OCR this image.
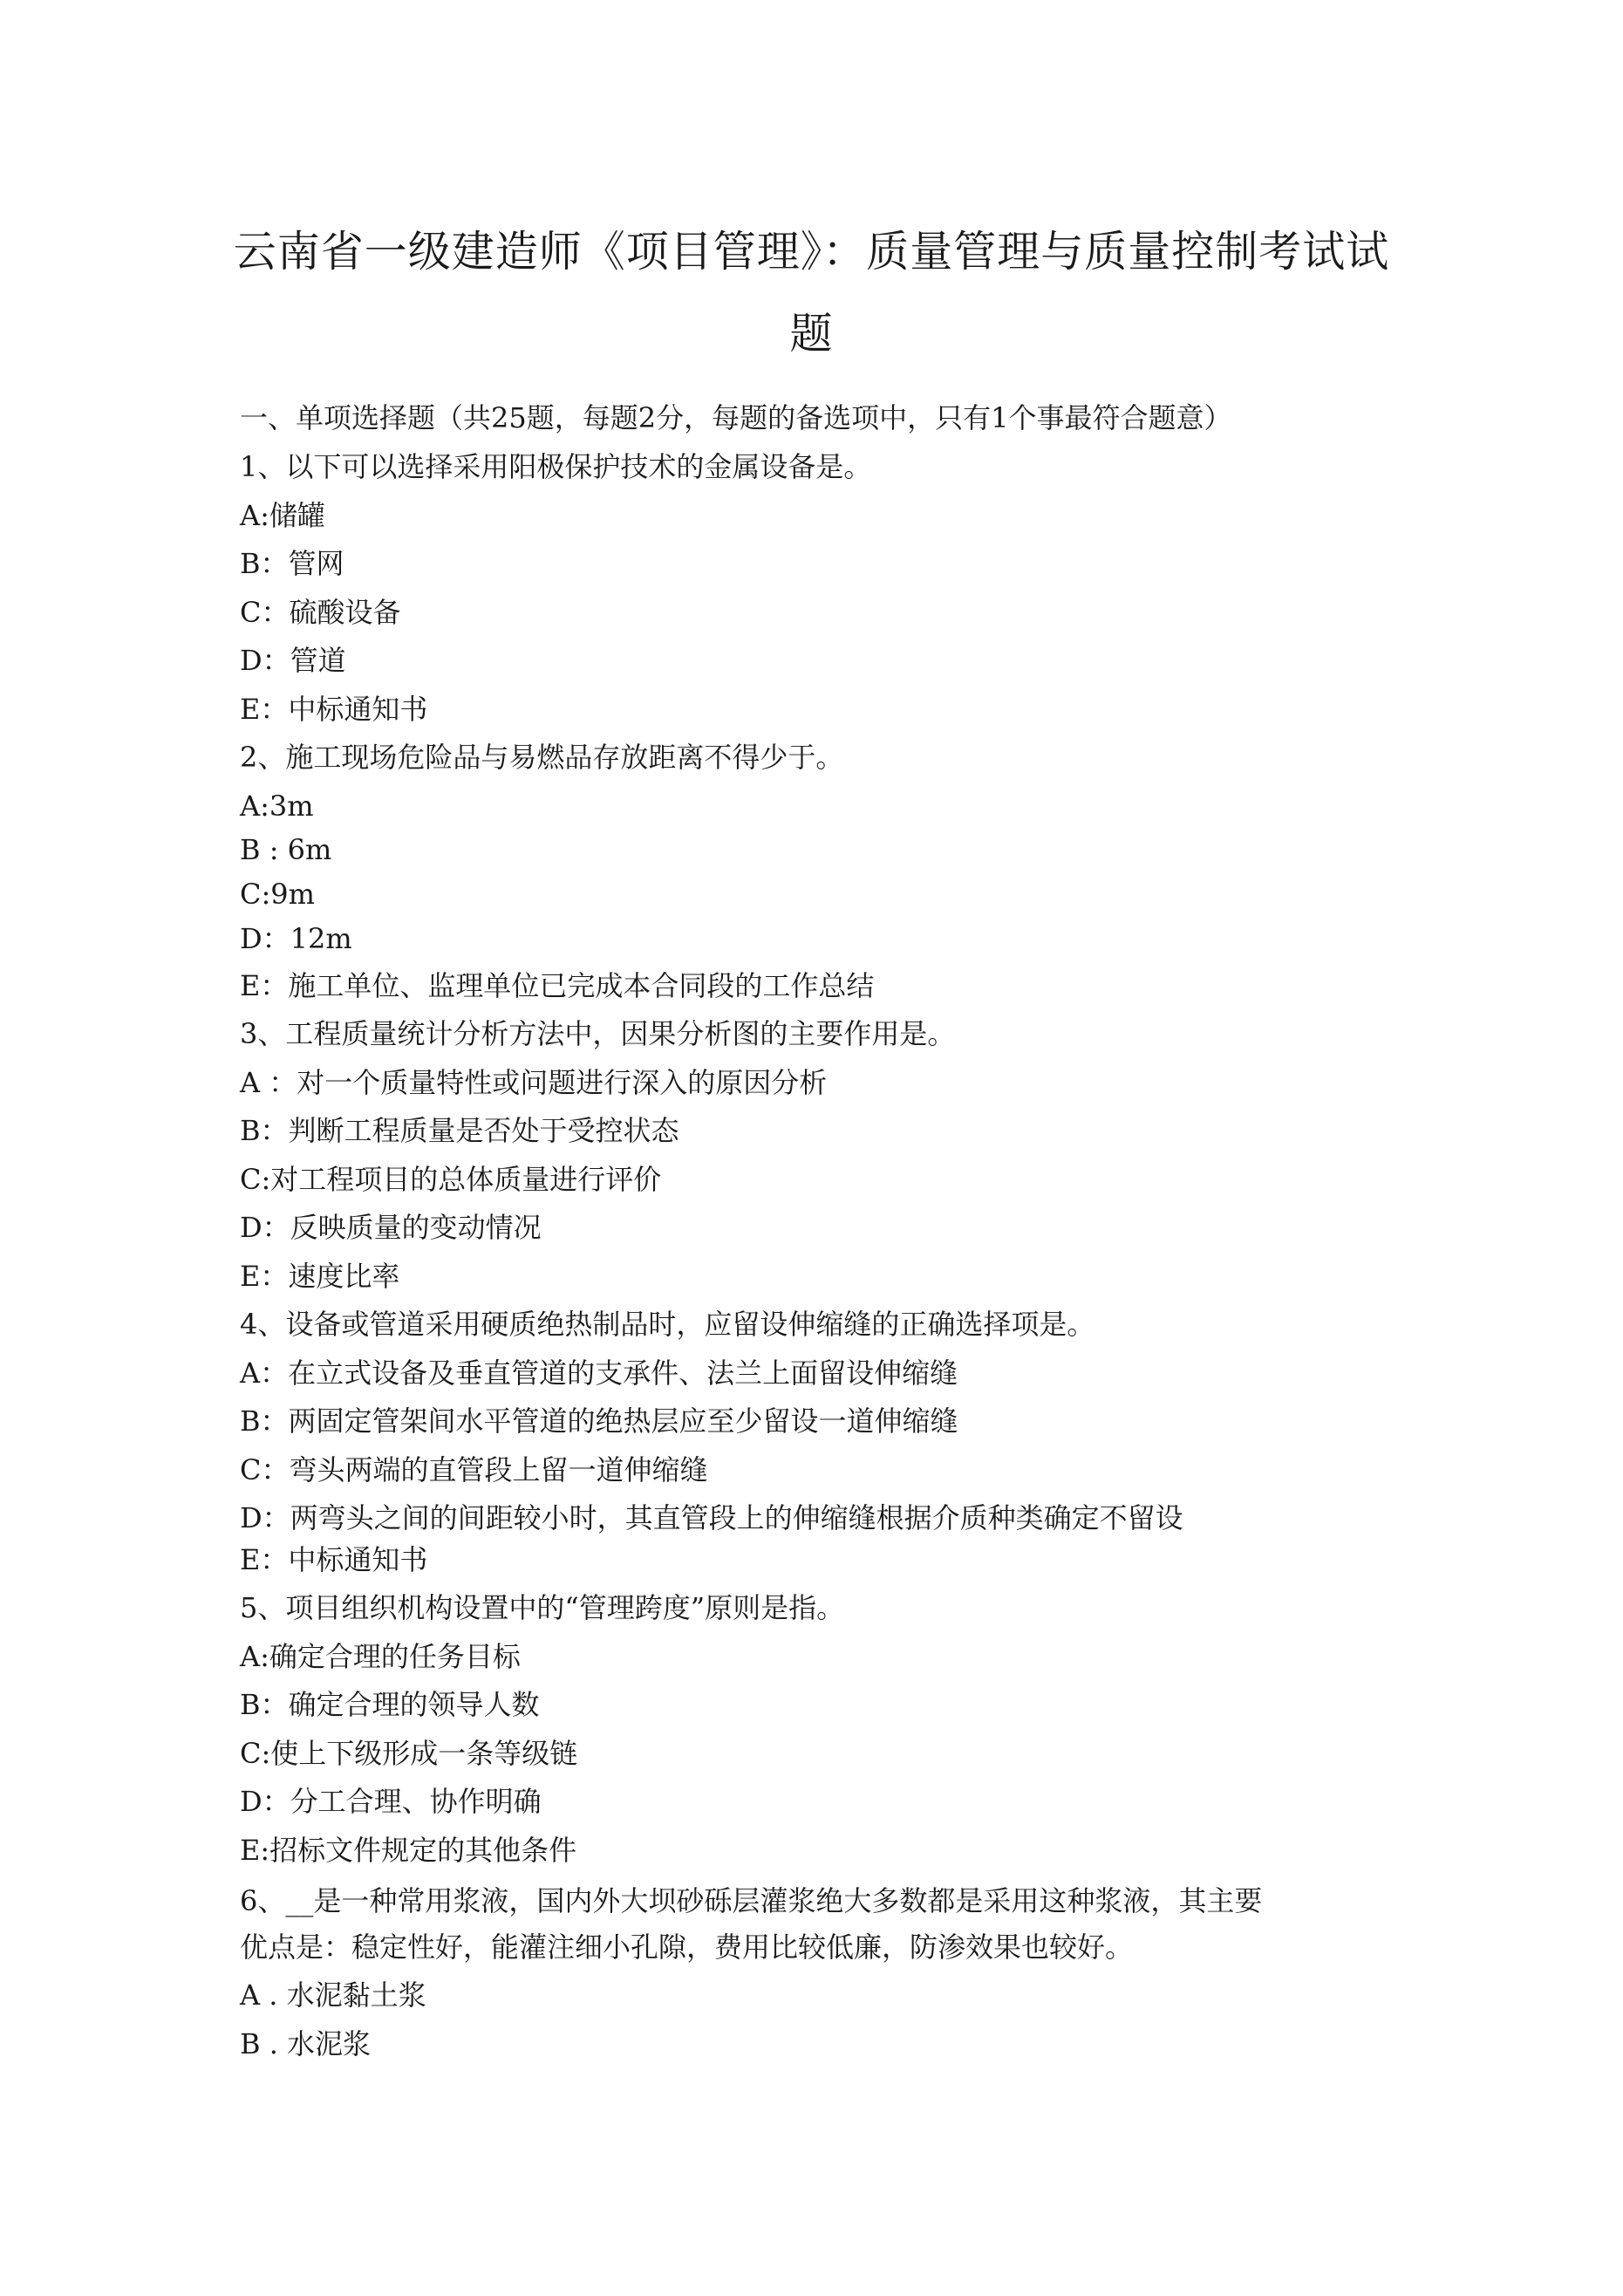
云南省一级建造师《项目管理》：质量管理与质量控制考试试
题

一、单项选择题（共25题，每题2分，每题的备选项中，只有1个事最符合题意）

1、以下可以选择采用阳极保护技术的金属设备是。

A:储罐

B：管网

C：硫酸设备

D：管道

E：中标通知书

2、施工现场危险品与易燃品存放距离不得少于。

A:3m

B : 6m

C:9m

D：12m

E：施工单位、监理单位已完成本合同段的工作总结

3、工程质量统计分析方法中，因果分析图的主要作用是。

A ：对一个质量特性或问题进行深入的原因分析

B：判断工程质量是否处于受控状态

C:对工程项目的总体质量进行评价

D：反映质量的变动情况

E：速度比率

4、设备或管道采用硬质绝热制品时，应留设伸缩缝的正确选择项是。

A：在立式设备及垂直管道的支承件、法兰上面留设伸缩缝

B：两固定管架间水平管道的绝热层应至少留设一道伸缩缝

C：弯头两端的直管段上留一道伸缩缝

D：两弯头之间的间距较小时，其直管段上的伸缩缝根据介质种类确定不留设

E：中标通知书

5、项目组织机构设置中的“管理跨度”原则是指。

A:确定合理的任务目标

B：确定合理的领导人数

C:使上下级形成一条等级链

D：分工合理、协作明确

E:招标文件规定的其他条件

6、__是一种常用浆液，国内外大坝砂砾层灌浆绝大多数都是采用这种浆液，其主要

优点是：稳定性好，能灌注细小孔隙，费用比较低廉，防渗效果也较好。

A . 水泥黏土浆

B . 水泥浆
